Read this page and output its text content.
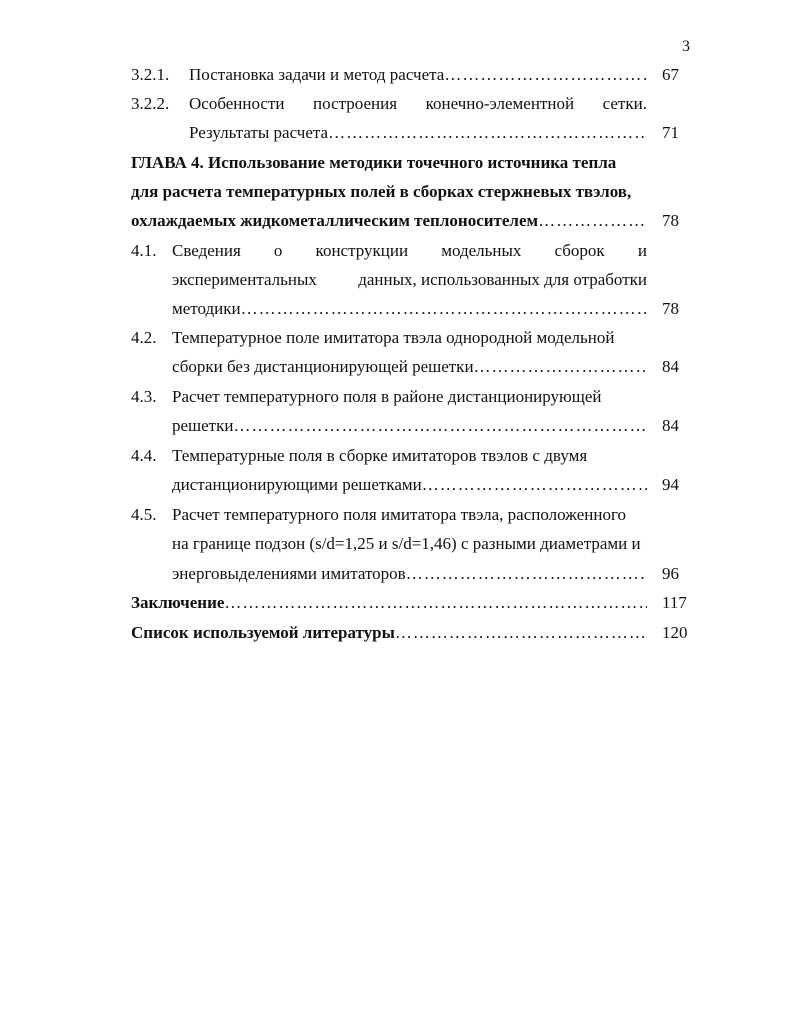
3
3.2.1. Постановка задачи и метод расчета ……………………………………………………………………………………………………………………………………………………	67
3.2.2. Особенности построения конечно-элементной сетки.
Результаты расчета ……………………………………………………………………………………………………………………………………………………	71
ГЛАВА 4. Использование методики точечного источника тепла
для расчета температурных полей в сборках стержневых твэлов,
охлаждаемых жидкометаллическим теплоносителем ……………………………………………………………………………………………………………………………………………………	78
4.1. Сведения о конструкции модельных сборок и
экспериментальных данных, использованных для отработки
методики ……………………………………………………………………………………………………………………………………………………	78
4.2. Температурное поле имитатора твэла однородной модельной
сборки без дистанционирующей решетки ……………………………………………………………………………………………………………………………………………………	84
4.3. Расчет температурного поля в районе дистанционирующей
решетки ……………………………………………………………………………………………………………………………………………………	84
4.4. Температурные поля в сборке имитаторов твэлов с двумя
дистанционирующими решетками ……………………………………………………………………………………………………………………………………………………	94
4.5. Расчет температурного поля имитатора твэла, расположенного
на границе подзон (s/d=1,25 и s/d=1,46) с разными диаметрами и
энерговыделениями имитаторов ……………………………………………………………………………………………………………………………………………………	96
Заключение ……………………………………………………………………………………………………………………………………………………	117
Список используемой литературы ……………………………………………………………………………………………………………………………………………………	120
